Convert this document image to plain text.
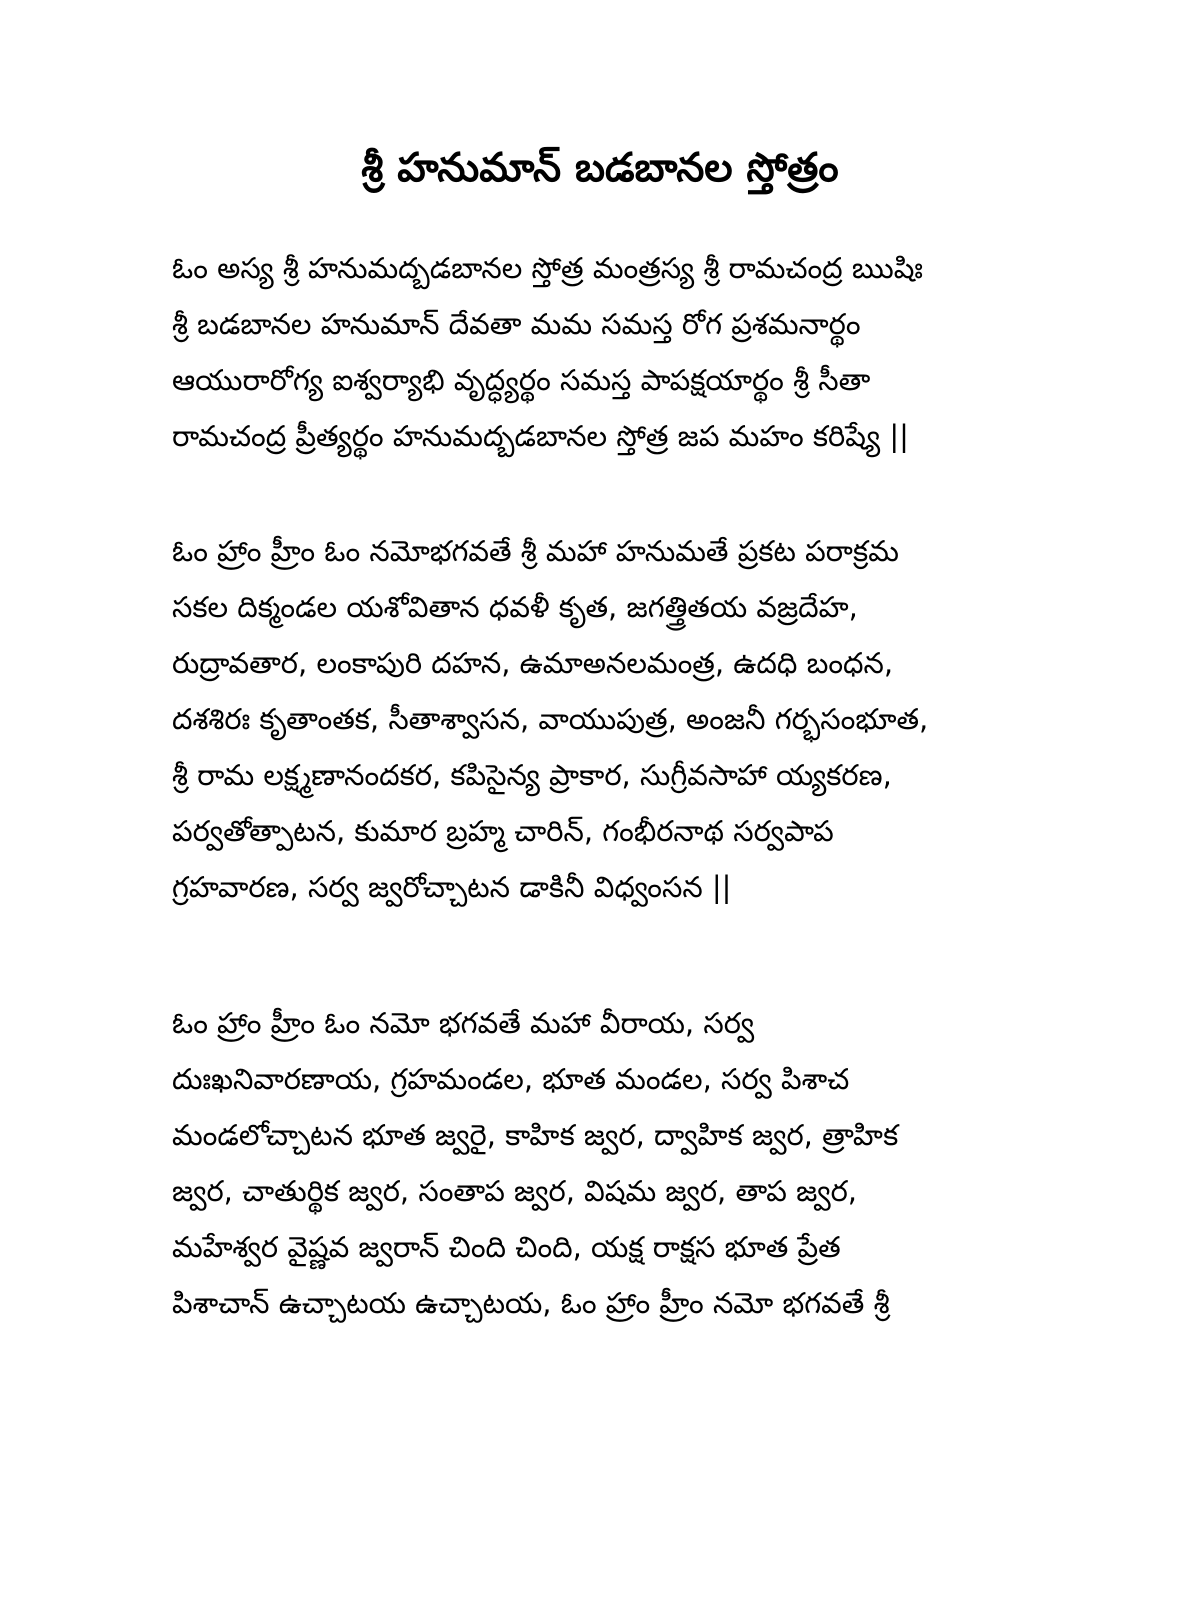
శ్రీ హనుమాన్ బడబానల స్తోత్రం
ఓం అస్య శ్రీ హనుమద్బడబానల స్తోత్ర మంత్రస్య శ్రీ రామచంద్ర ఋషిః
శ్రీ బడబానల హనుమాన్ దేవతా మమ సమస్త రోగ ప్రశమనార్థం
ఆయురారోగ్య ఐశ్వర్యాభి వృద్ధ్యర్థం సమస్త పాపక్షయార్థం శ్రీ సీతా
రామచంద్ర ప్రీత్యర్థం హనుమద్బడబానల స్తోత్ర జప మహం కరిష్యే ||
ఓం హ్రాం హ్రీం ఓం నమోభగవతే శ్రీ మహా హనుమతే ప్రకట పరాక్రమ
సకల దిక్మండల యశోవితాన ధవళీ కృత, జగత్త్రితయ వజ్రదేహ,
రుద్రావతార, లంకాపురి దహన, ఉమాఅనలమంత్ర, ఉదధి బంధన,
దశశిరః కృతాంతక, సీతాశ్వాసన, వాయుపుత్ర, అంజనీ గర్భసంభూత,
శ్రీ రామ లక్ష్మణానందకర, కపిసైన్య ప్రాకార, సుగ్రీవసాహా య్యకరణ,
పర్వతోత్పాటన, కుమార బ్రహ్మ చారిన్, గంభీరనాథ సర్వపాప
గ్రహవారణ, సర్వ జ్వరోచ్చాటన డాకినీ విధ్వంసన ||
ఓం హ్రాం హ్రీం ఓం నమో భగవతే మహా వీరాయ, సర్వ
దుఃఖనివారణాయ, గ్రహమండల, భూత మండల, సర్వ పిశాచ
మండలోచ్చాటన భూత జ్వరై, కాహిక జ్వర, ద్వాహిక జ్వర, త్రాహిక
జ్వర, చాతుర్థిక జ్వర, సంతాప జ్వర, విషమ జ్వర, తాప జ్వర,
మహేశ్వర వైష్ణవ జ్వరాన్ చింది చింది, యక్ష రాక్షస భూత ప్రేత
పిశాచాన్ ఉచ్చాటయ ఉచ్చాటయ, ఓం హ్రాం హ్రీం నమో భగవతే శ్రీ
